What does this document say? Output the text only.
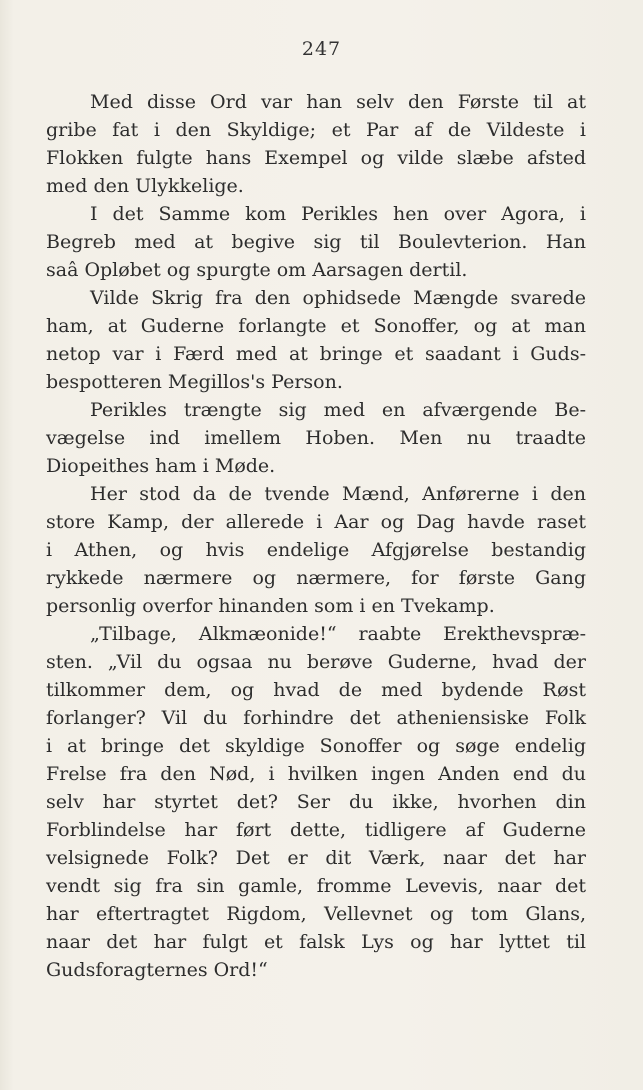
247
Med disse Ord var han selv den Første til at
gribe fat i den Skyldige; et Par af de Vildeste i
Flokken fulgte hans Exempel og vilde slæbe afsted
med den Ulykkelige.
I det Samme kom Perikles hen over Agora, i
Begreb med at begive sig til Boulevterion. Han
saâ Opløbet og spurgte om Aarsagen dertil.
Vilde Skrig fra den ophidsede Mængde svarede
ham, at Guderne forlangte et Sonoffer, og at man
netop var i Færd med at bringe et saadant i Guds-
bespotteren Megillos's Person.
Perikles trængte sig med en afværgende Be-
vægelse ind imellem Hoben. Men nu traadte
Diopeithes ham i Møde.
Her stod da de tvende Mænd, Anførerne i den
store Kamp, der allerede i Aar og Dag havde raset
i Athen, og hvis endelige Afgjørelse bestandig
rykkede nærmere og nærmere, for første Gang
personlig overfor hinanden som i en Tvekamp.
„Tilbage, Alkmæonide!“ raabte Erekthevspræ-
sten. „Vil du ogsaa nu berøve Guderne, hvad der
tilkommer dem, og hvad de med bydende Røst
forlanger? Vil du forhindre det atheniensiske Folk
i at bringe det skyldige Sonoffer og søge endelig
Frelse fra den Nød, i hvilken ingen Anden end du
selv har styrtet det? Ser du ikke, hvorhen din
Forblindelse har ført dette, tidligere af Guderne
velsignede Folk? Det er dit Værk, naar det har
vendt sig fra sin gamle, fromme Levevis, naar det
har eftertragtet Rigdom, Vellevnet og tom Glans,
naar det har fulgt et falsk Lys og har lyttet til
Gudsforagternes Ord!“
